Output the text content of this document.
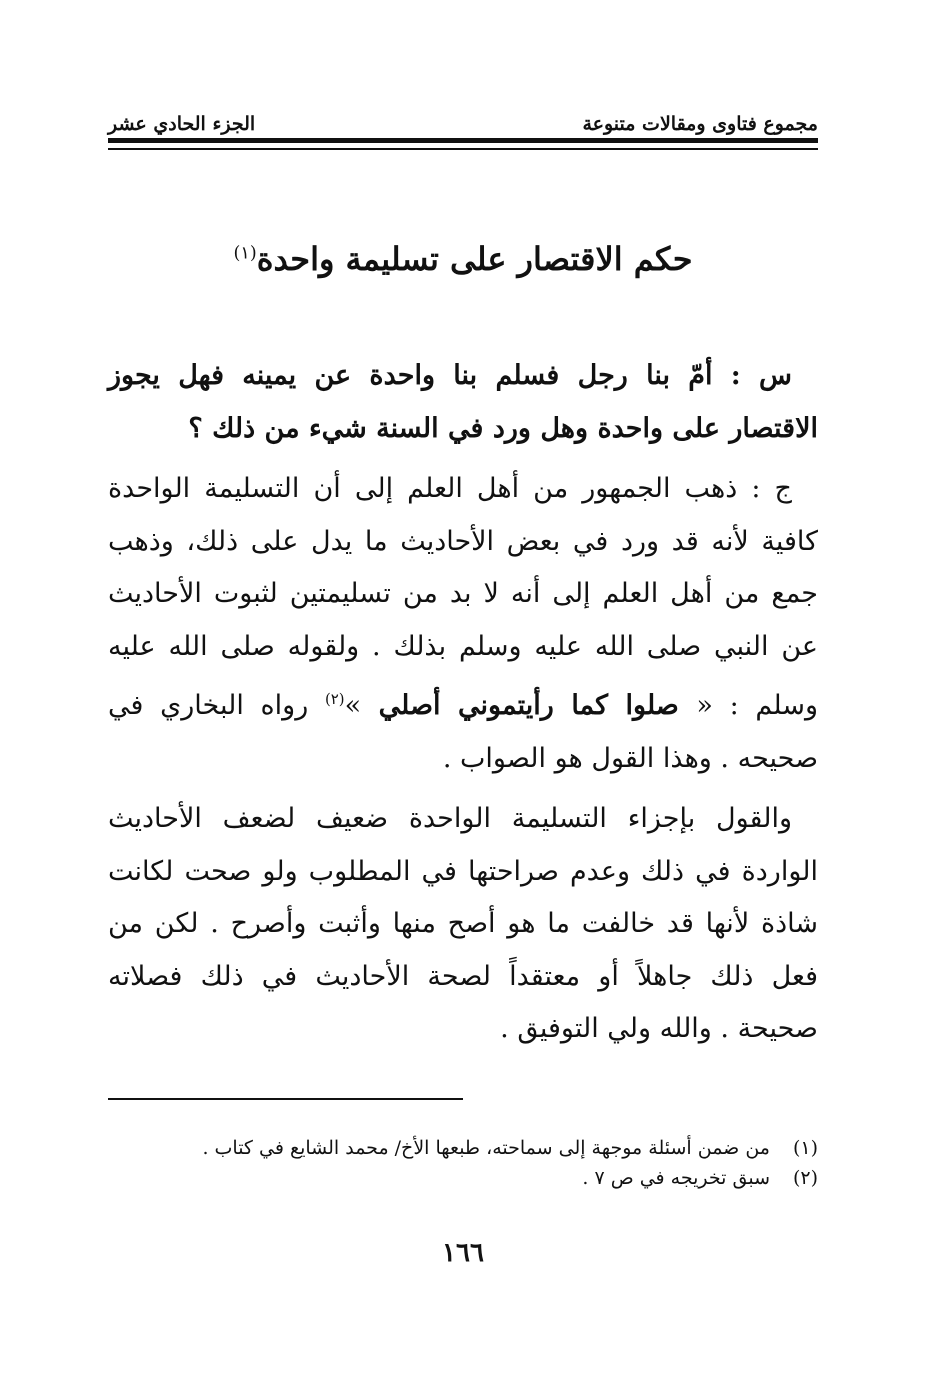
مجموع فتاوى ومقالات متنوعة
الجزء الحادي عشر
حكم الاقتصار على تسليمة واحدة$^{(١)}$

س : أمّ بنا رجل فسلم بنا واحدة عن يمينه فهل يجوز الاقتصار على واحدة وهل ورد في السنة شيء من ذلك ؟

ج : ذهب الجمهور من أهل العلم إلى أن التسليمة الواحدة كافية لأنه قد ورد في بعض الأحاديث ما يدل على ذلك، وذهب جمع من أهل العلم إلى أنه لا بد من تسليمتين لثبوت الأحاديث عن النبي صلى الله عليه وسلم بذلك . ولقوله صلى الله عليه وسلم : « صلوا كما رأيتموني أصلي »$^{(٢)}$ رواه البخاري في صحيحه . وهذا القول هو الصواب .

والقول بإجزاء التسليمة الواحدة ضعيف لضعف الأحاديث الواردة في ذلك وعدم صراحتها في المطلوب ولو صحت لكانت شاذة لأنها قد خالفت ما هو أصح منها وأثبت وأصرح . لكن من فعل ذلك جاهلاً أو معتقداً لصحة الأحاديث في ذلك فصلاته صحيحة . والله ولي التوفيق .

(١)
من ضمن أسئلة موجهة إلى سماحته، طبعها الأخ/ محمد الشايع في كتاب .
(٢)
سبق تخريجه في ص ٧ .
١٦٦
